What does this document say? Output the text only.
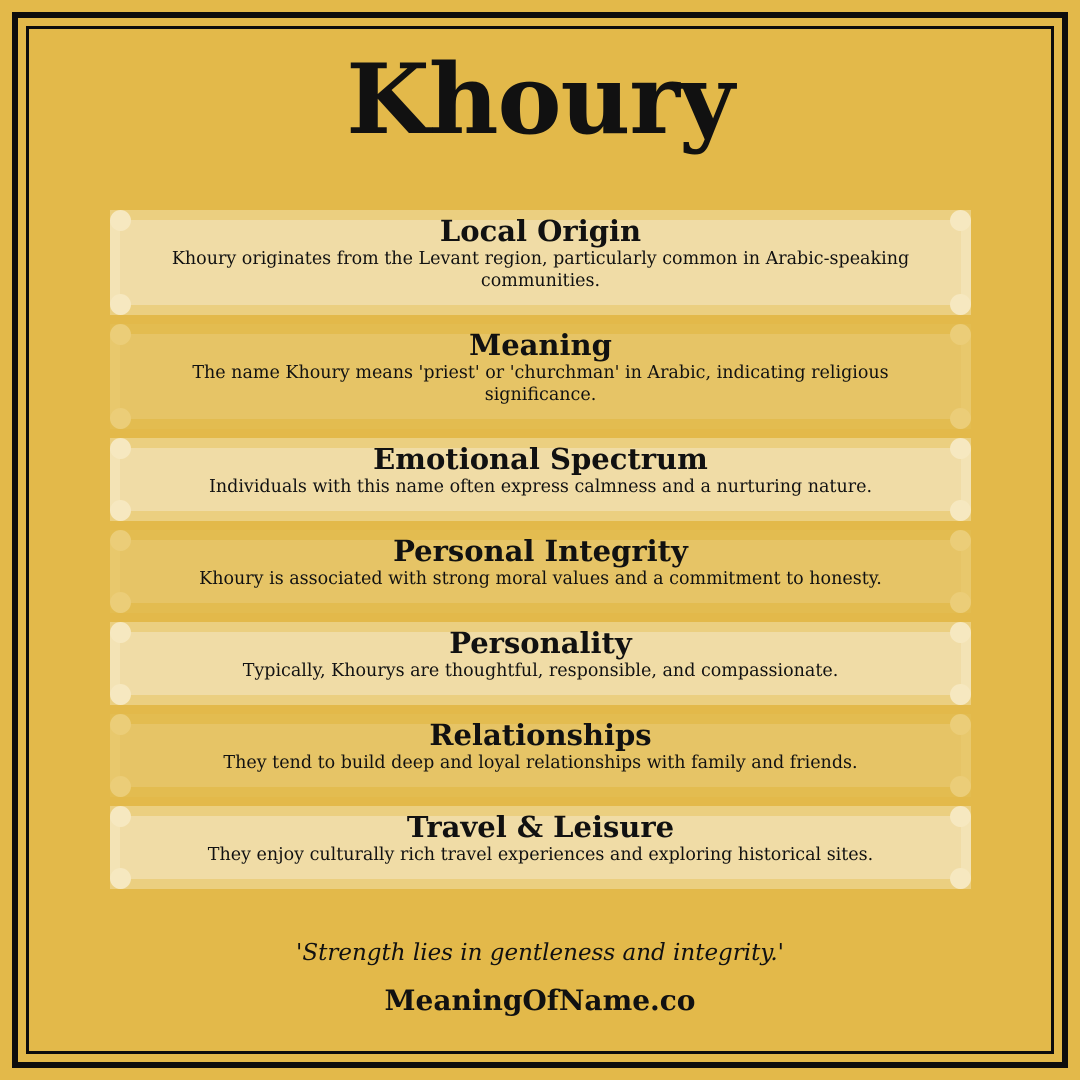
Khoury
Local Origin

Khoury originates from the Levant region, particularly common in Arabic-speaking communities.

Meaning

The name Khoury means 'priest' or 'churchman' in Arabic, indicating religious significance.

Emotional Spectrum

Individuals with this name often express calmness and a nurturing nature.

Personal Integrity

Khoury is associated with strong moral values and a commitment to honesty.

Personality

Typically, Khourys are thoughtful, responsible, and compassionate.

Relationships

They tend to build deep and loyal relationships with family and friends.

Travel & Leisure

They enjoy culturally rich travel experiences and exploring historical sites.

'Strength lies in gentleness and integrity.'
MeaningOfName.co
